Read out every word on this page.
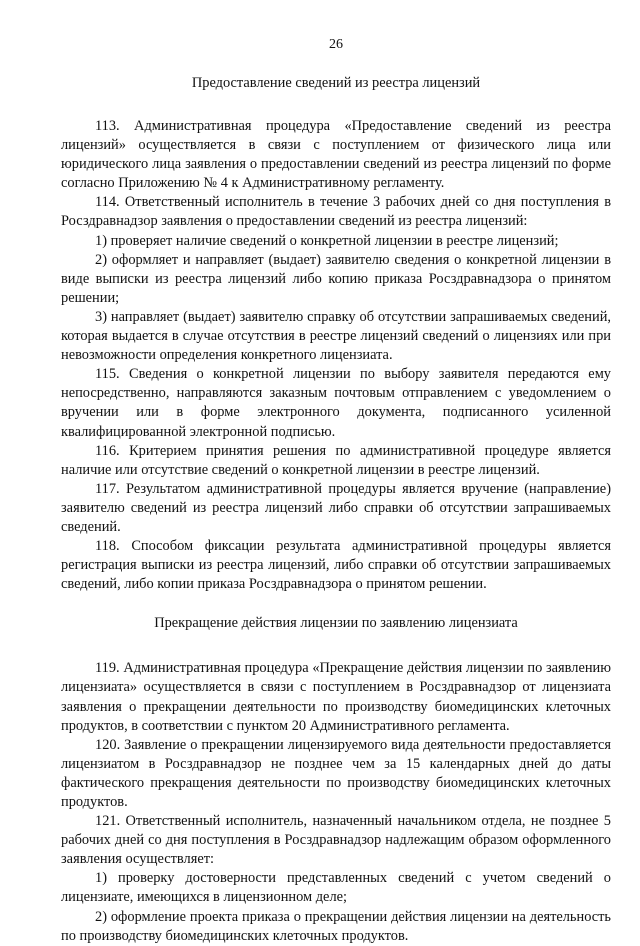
26
Предоставление сведений из реестра лицензий

113. Административная процедура «Предоставление сведений из реестра лицензий» осуществляется в связи с поступлением от физического лица или юридического лица заявления о предоставлении сведений из реестра лицензий по форме согласно Приложению № 4 к Административному регламенту.

114. Ответственный исполнитель в течение 3 рабочих дней со дня поступления в Росздравнадзор заявления о предоставлении сведений из реестра лицензий:

1) проверяет наличие сведений о конкретной лицензии в реестре лицензий;

2) оформляет и направляет (выдает) заявителю сведения о конкретной лицензии в виде выписки из реестра лицензий либо копию приказа Росздравнадзора о принятом решении;

3) направляет (выдает) заявителю справку об отсутствии запрашиваемых сведений, которая выдается в случае отсутствия в реестре лицензий сведений о лицензиях или при невозможности определения конкретного лицензиата.

115. Сведения о конкретной лицензии по выбору заявителя передаются ему непосредственно, направляются заказным почтовым отправлением с уведомлением о вручении или в форме электронного документа, подписанного усиленной квалифицированной электронной подписью.

116. Критерием принятия решения по административной процедуре является наличие или отсутствие сведений о конкретной лицензии в реестре лицензий.

117. Результатом административной процедуры является вручение (направление) заявителю сведений из реестра лицензий либо справки об отсутствии запрашиваемых сведений.

118. Способом фиксации результата административной процедуры является регистрация выписки из реестра лицензий, либо справки об отсутствии запрашиваемых сведений, либо копии приказа Росздравнадзора о принятом решении.

Прекращение действия лицензии по заявлению лицензиата

119. Административная процедура «Прекращение действия лицензии по заявлению лицензиата» осуществляется в связи с поступлением в Росздравнадзор от лицензиата заявления о прекращении деятельности по производству биомедицинских клеточных продуктов, в соответствии с пунктом 20 Административного регламента.

120. Заявление о прекращении лицензируемого вида деятельности предоставляется лицензиатом в Росздравнадзор не позднее чем за 15 календарных дней до даты фактического прекращения деятельности по производству биомедицинских клеточных продуктов.

121. Ответственный исполнитель, назначенный начальником отдела, не позднее 5 рабочих дней со дня поступления в Росздравнадзор надлежащим образом оформленного заявления осуществляет:

1) проверку достоверности представленных сведений с учетом сведений о лицензиате, имеющихся в лицензионном деле;

2) оформление проекта приказа о прекращении действия лицензии на деятельность по производству биомедицинских клеточных продуктов.
